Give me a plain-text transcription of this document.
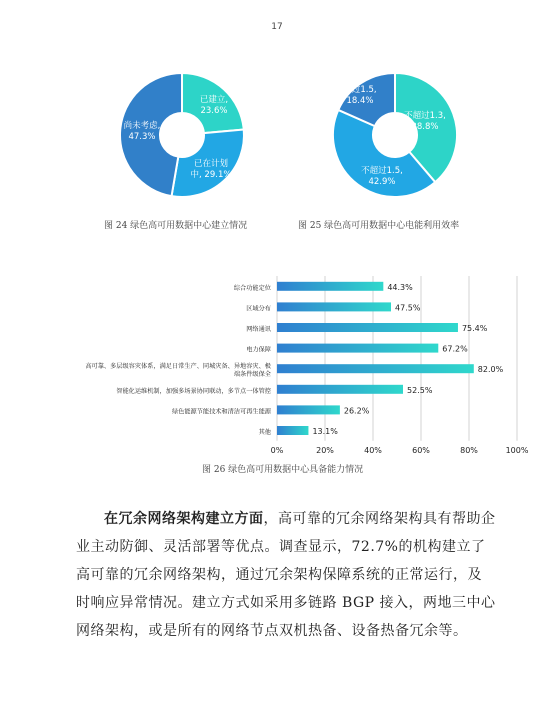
17
已建立, 23.6%
已在计划中, 29.1%
尚未考虑, 47.3%
图 24 绿色高可用数据中心建立情况
不超过1.3, 38.8%
不超过1.5, 42.9%
超过1.5, 18.4%
图 25 绿色高可用数据中心电能利用效率
0%	20%	40%	60%	80%	100%
44.3%
综合功能定位
47.5%
区域分布
75.4%
网络通讯
67.2%
电力保障
82.0%
高可靠、多层级容灾体系，满足日常生产、同城灾备、异地容灾、极端条件级保全
52.5%
智能化运维机制，加强多场景协同联动，多节点一体管控
26.2%
绿色能源节能技术和清洁可再生能源
13.1%
其他
图 26 绿色高可用数据中心具备能力情况
在冗余网络架构建立方面，高可靠的冗余网络架构具有帮助企业主动防御、灵活部署等优点。调查显示，72.7%的机构建立了高可靠的冗余网络架构，通过冗余架构保障系统的正常运行，及时响应异常情况。建立方式如采用多链路 BGP 接入，两地三中心网络架构，或是所有的网络节点双机热备、设备热备冗余等。
